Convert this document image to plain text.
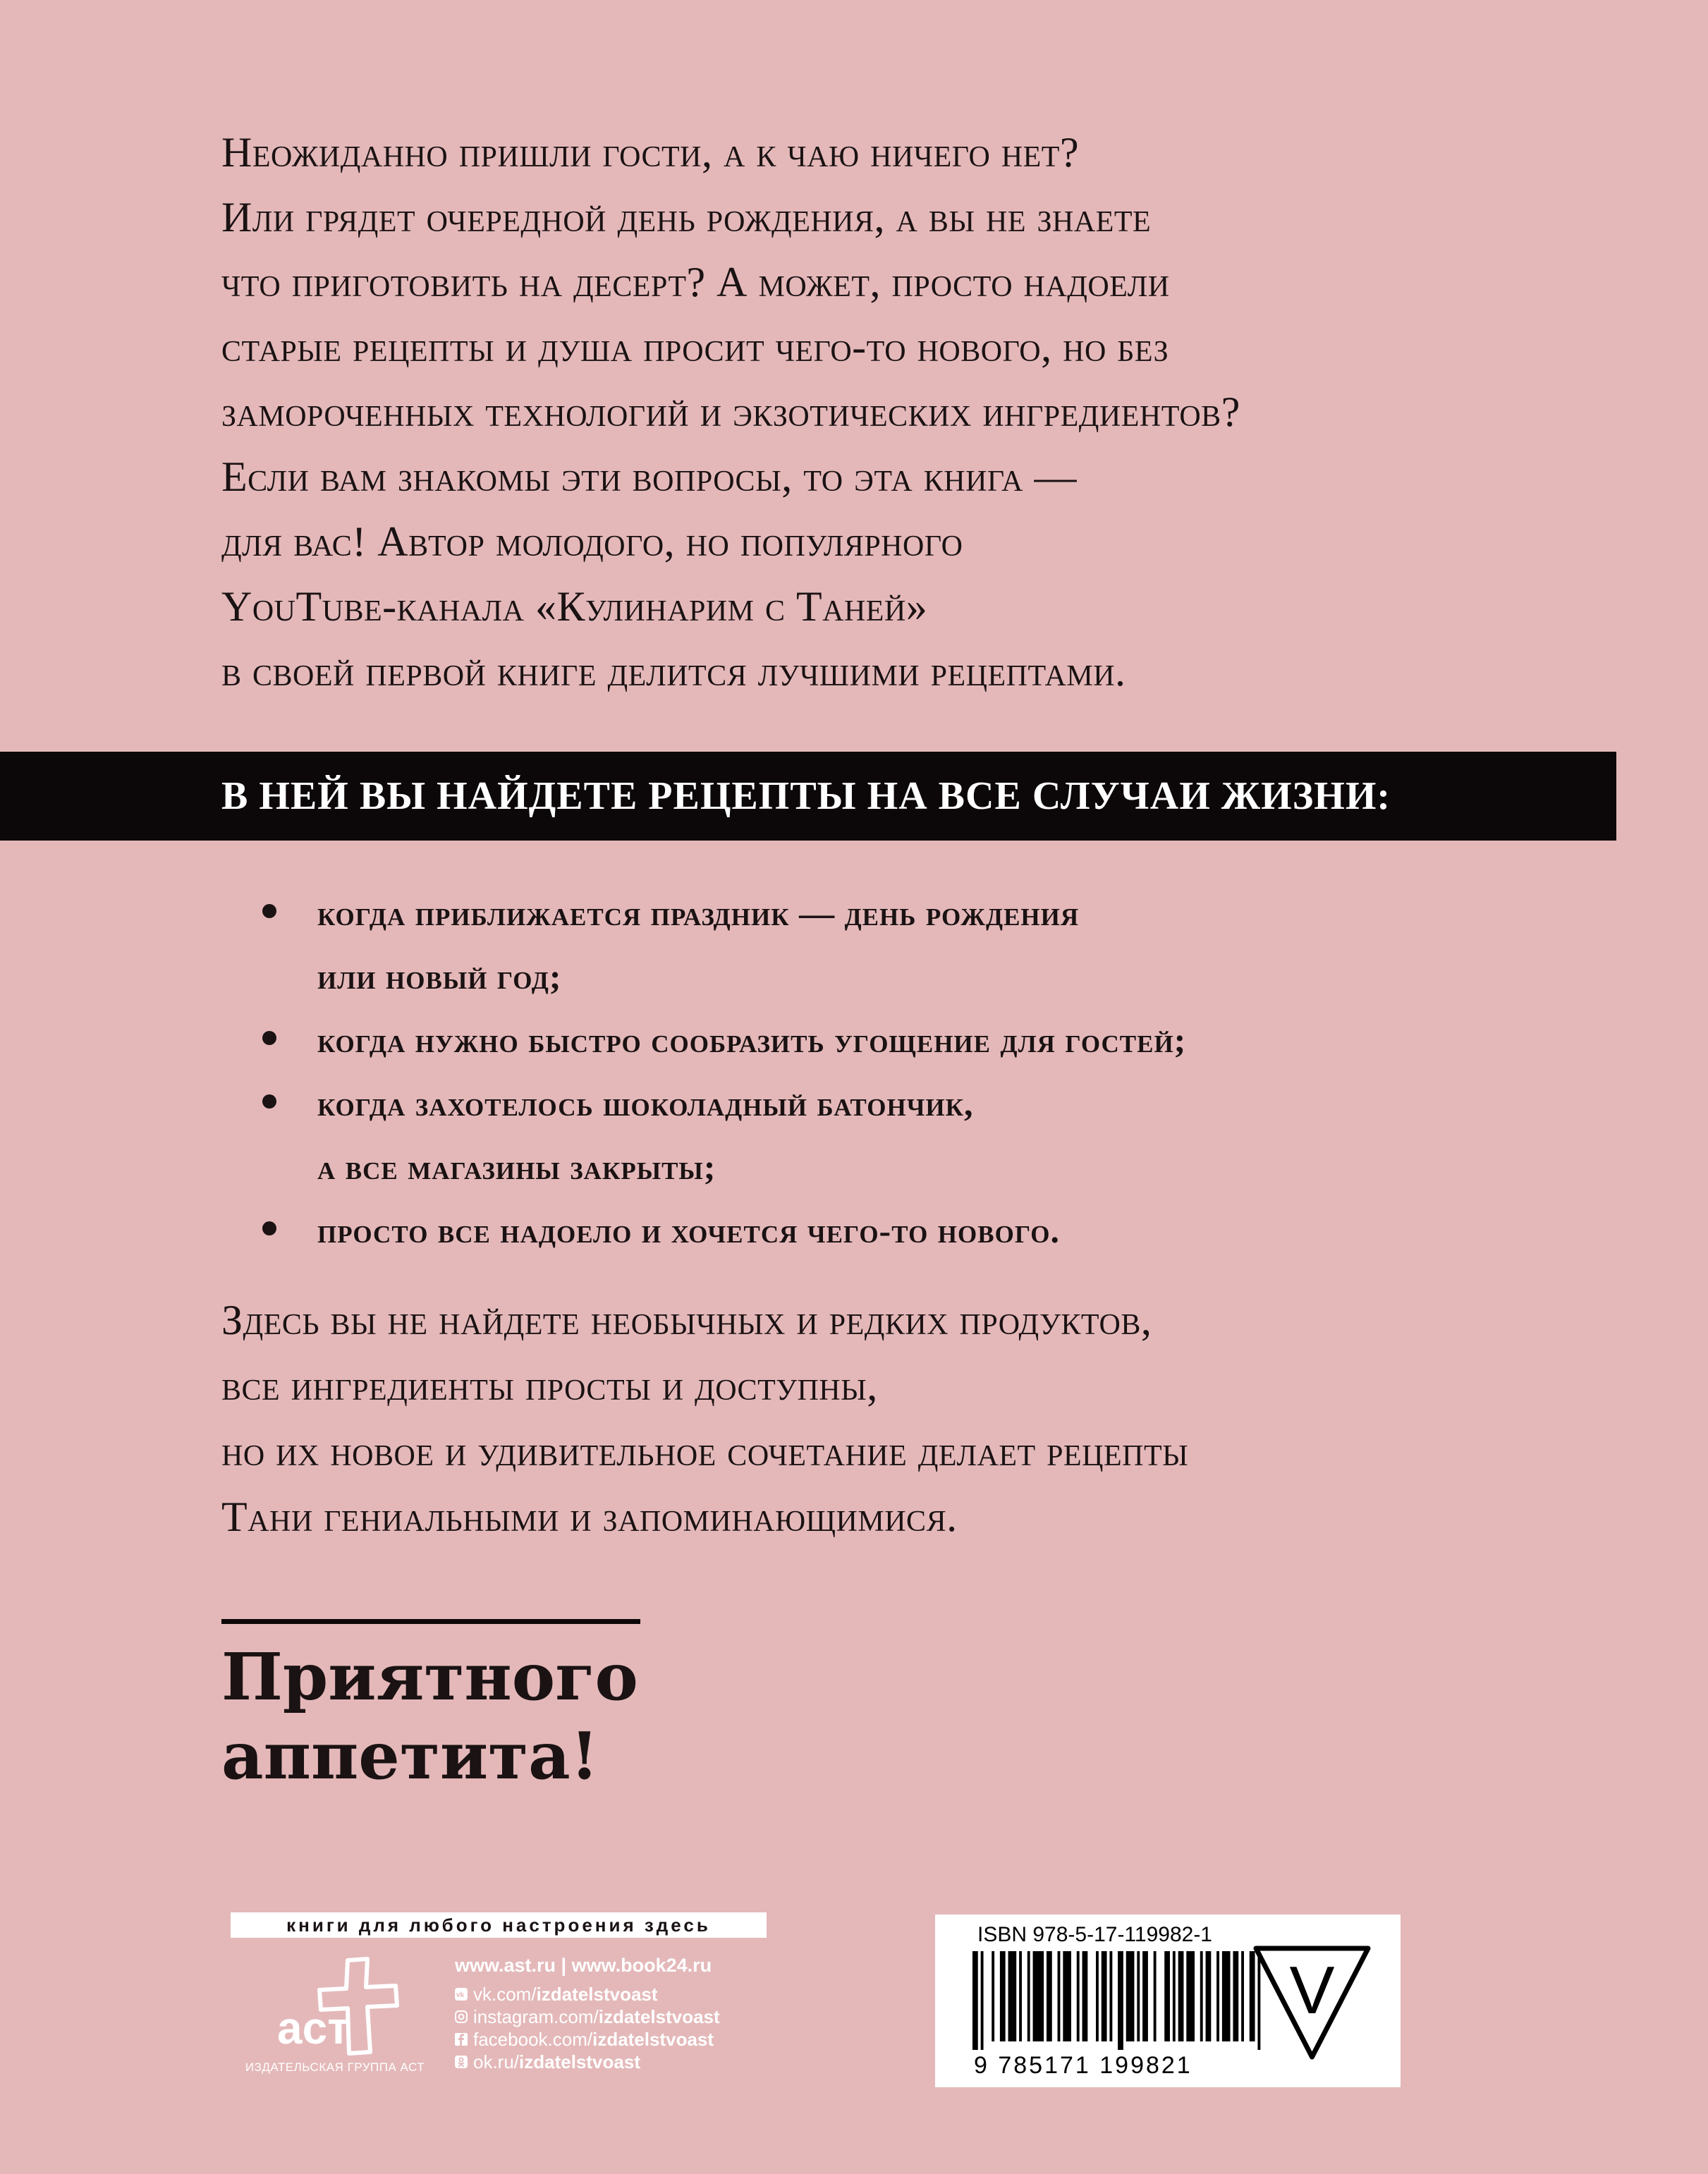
Неожиданно пришли гости, а к чаю ничего нет?
Или грядет очередной день рождения, а вы не знаете
что приготовить на десерт? А может, просто надоели
старые рецепты и душа просит чего-то нового, но без
замороченных технологий и экзотических ингредиентов?
Если вам знакомы эти вопросы, то эта книга —
для вас! Автор молодого, но популярного
YouTube-канала «Кулинарим с Таней»
в своей первой книге делится лучшими рецептами.
В НЕЙ ВЫ НАЙДЕТЕ РЕЦЕПТЫ НА ВСЕ СЛУЧАИ ЖИЗНИ:
когда приближается праздник — день рождения
или новый год;
когда нужно быстро сообразить угощение для гостей;
когда захотелось шоколадный батончик,
а все магазины закрыты;
просто все надоело и хочется чего-то нового.
Здесь вы не найдете необычных и редких продуктов,
все ингредиенты просты и доступны,
но их новое и удивительное сочетание делает рецепты
Тани гениальными и запоминающимися.
Приятного
аппетита!
книги для любого настроения здесь
аст
ИЗДАТЕЛЬСКАЯ ГРУППА АСТ
www.ast.ru | www.book24.ru
vk vk.com/ izdatelstvoast
instagram.com/ izdatelstvoast
facebook.com/ izdatelstvoast
ok.ru/ izdatelstvoast
ISBN 978-5-17-119982-1
9 785171 199821
V
